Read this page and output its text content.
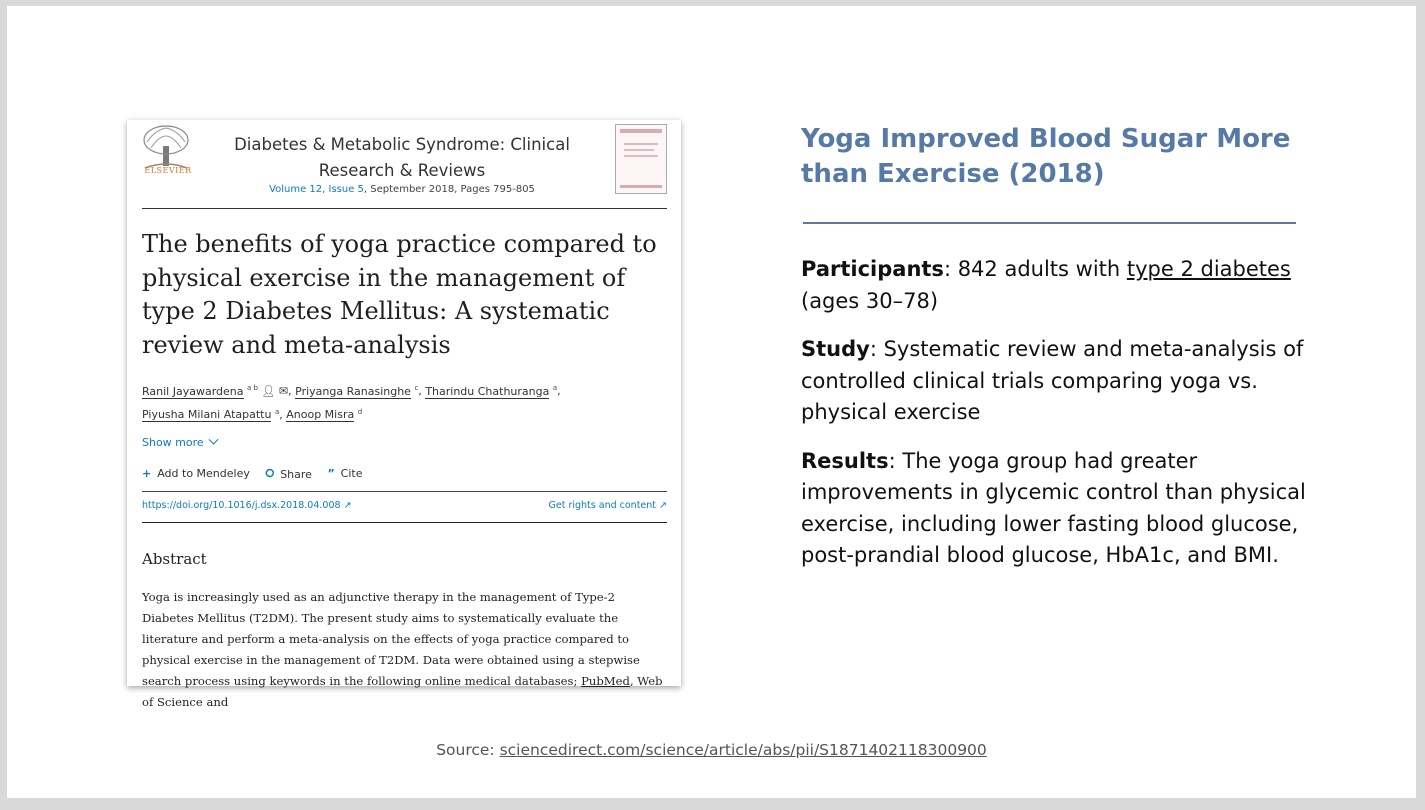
ELSEVIER
Diabetes & Metabolic Syndrome: Clinical Research & Reviews
Volume 12, Issue 5, September 2018, Pages 795-805
The benefits of yoga practice compared to physical exercise in the management of type 2 Diabetes Mellitus: A systematic review and meta-analysis
Ranil Jayawardena $^{a b}$ 👤︎ ✉, Priyanga Ranasinghe $^c$, Tharindu Chathuranga $^a$,
Piyusha Milani Atapattu $^a$, Anoop Misra $^d$
Show more
+ Add to Mendeley
⭘ Share
” Cite
https://doi.org/10.1016/j.dsx.2018.04.008 ↗	Get rights and content ↗
Abstract
Yoga is increasingly used as an adjunctive therapy in the management of Type-2 Diabetes Mellitus (T2DM). The present study aims to systematically evaluate the literature and perform a meta-analysis on the effects of yoga practice compared to physical exercise in the management of T2DM. Data were obtained using a stepwise search process using keywords in the following online medical databases; PubMed, Web of Science and
Yoga Improved Blood Sugar More than Exercise (2018)

Participants: 842 adults with type 2 diabetes (ages 30–78)

Study: Systematic review and meta-analysis of controlled clinical trials comparing yoga vs. physical exercise

Results: The yoga group had greater improvements in glycemic control than physical exercise, including lower fasting blood glucose, post-prandial blood glucose, HbA1c, and BMI.

Source: sciencedirect.com/science/article/abs/pii/S1871402118300900
